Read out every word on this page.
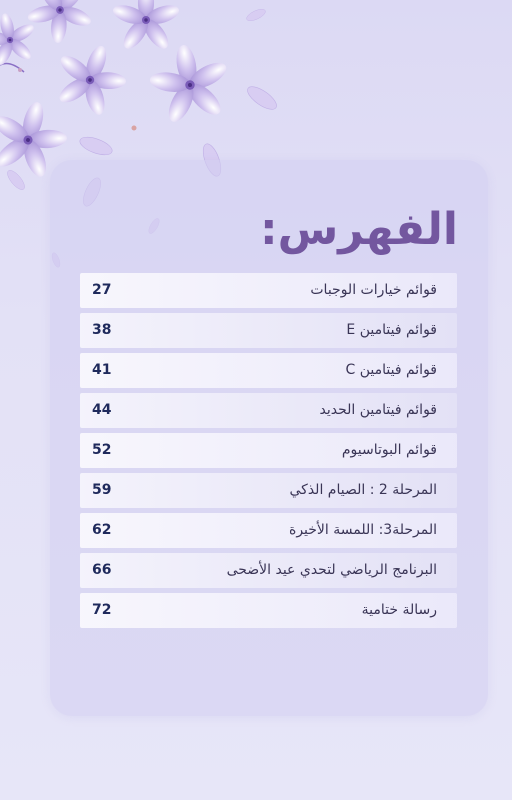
الفهرس:
27	قوائم خيارات الوجبات
38	قوائم فيتامين E
41	قوائم فيتامين C
44	قوائم فيتامين الحديد
52	قوائم البوتاسيوم
59	المرحلة 2 : الصيام الذكي
62	المرحلة3: اللمسة الأخيرة
66	البرنامج الرياضي لتحدي عيد الأضحى
72	رسالة ختامية
